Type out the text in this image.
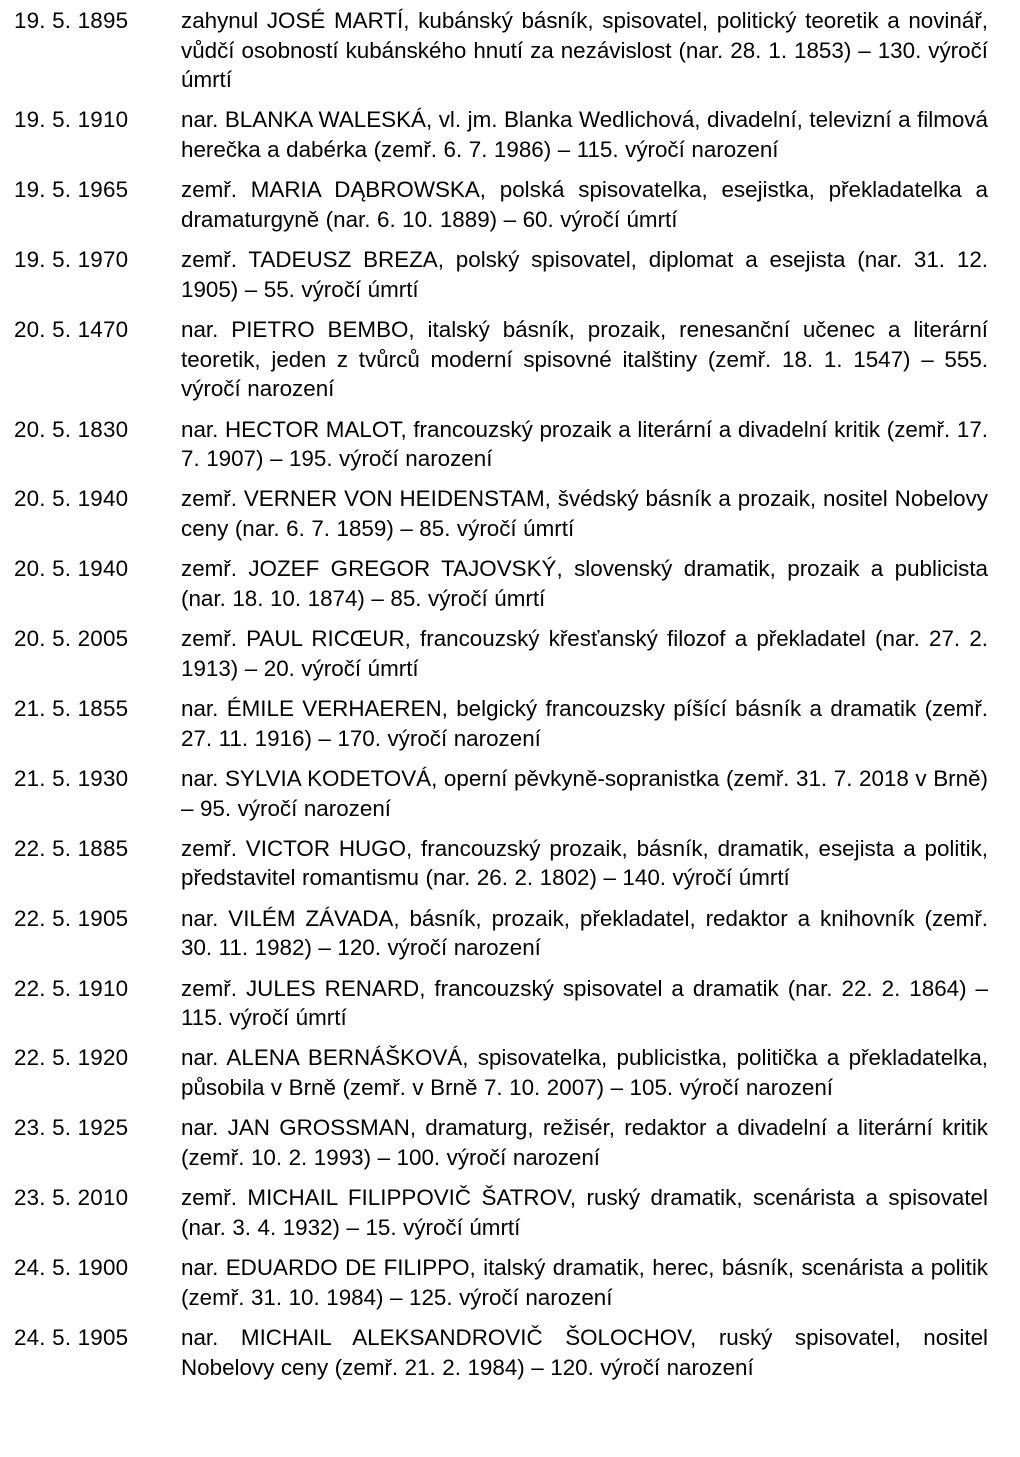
19. 5. 1895	zahynul JOSÉ MARTÍ, kubánský básník, spisovatel, politický teoretik a novinář, vůdčí osobností kubánského hnutí za nezávislost (nar. 28. 1. 1853) – 130. výročí úmrtí
19. 5. 1910	nar. BLANKA WALESKÁ, vl. jm. Blanka Wedlichová, divadelní, televizní a filmová herečka a dabérka (zemř. 6. 7. 1986) – 115. výročí narození
19. 5. 1965	zemř. MARIA DĄBROWSKA, polská spisovatelka, esejistka, překladatelka a dramaturgyně (nar. 6. 10. 1889) – 60. výročí úmrtí
19. 5. 1970	zemř. TADEUSZ BREZA, polský spisovatel, diplomat a esejista (nar. 31. 12. 1905) – 55. výročí úmrtí
20. 5. 1470	nar. PIETRO BEMBO, italský básník, prozaik, renesanční učenec a literární teoretik, jeden z tvůrců moderní spisovné italštiny (zemř. 18. 1. 1547) – 555. výročí narození
20. 5. 1830	nar. HECTOR MALOT, francouzský prozaik a literární a divadelní kritik (zemř. 17. 7. 1907) – 195. výročí narození
20. 5. 1940	zemř. VERNER VON HEIDENSTAM, švédský básník a prozaik, nositel Nobelovy ceny (nar. 6. 7. 1859) – 85. výročí úmrtí
20. 5. 1940	zemř. JOZEF GREGOR TAJOVSKÝ, slovenský dramatik, prozaik a publicista (nar. 18. 10. 1874) – 85. výročí úmrtí
20. 5. 2005	zemř. PAUL RICŒUR, francouzský křesťanský filozof a překladatel (nar. 27. 2. 1913) – 20. výročí úmrtí
21. 5. 1855	nar. ÉMILE VERHAEREN, belgický francouzsky píšící básník a dramatik (zemř. 27. 11. 1916) – 170. výročí narození
21. 5. 1930	nar. SYLVIA KODETOVÁ, operní pěvkyně-sopranistka (zemř. 31. 7. 2018 v Brně) – 95. výročí narození
22. 5. 1885	zemř. VICTOR HUGO, francouzský prozaik, básník, dramatik, esejista a politik, představitel romantismu (nar. 26. 2. 1802) – 140. výročí úmrtí
22. 5. 1905	nar. VILÉM ZÁVADA, básník, prozaik, překladatel, redaktor a knihovník (zemř. 30. 11. 1982) – 120. výročí narození
22. 5. 1910	zemř. JULES RENARD, francouzský spisovatel a dramatik (nar. 22. 2. 1864) – 115. výročí úmrtí
22. 5. 1920	nar. ALENA BERNÁŠKOVÁ, spisovatelka, publicistka, politička a překladatelka, působila v Brně (zemř. v Brně 7. 10. 2007) – 105. výročí narození
23. 5. 1925	nar. JAN GROSSMAN, dramaturg, režisér, redaktor a divadelní a literární kritik (zemř. 10. 2. 1993) – 100. výročí narození
23. 5. 2010	zemř. MICHAIL FILIPPOVIČ ŠATROV, ruský dramatik, scenárista a spisovatel (nar. 3. 4. 1932) – 15. výročí úmrtí
24. 5. 1900	nar. EDUARDO DE FILIPPO, italský dramatik, herec, básník, scenárista a politik (zemř. 31. 10. 1984) – 125. výročí narození
24. 5. 1905	nar. MICHAIL ALEKSANDROVIČ ŠOLOCHOV, ruský spisovatel, nositel Nobelovy ceny (zemř. 21. 2. 1984) – 120. výročí narození
